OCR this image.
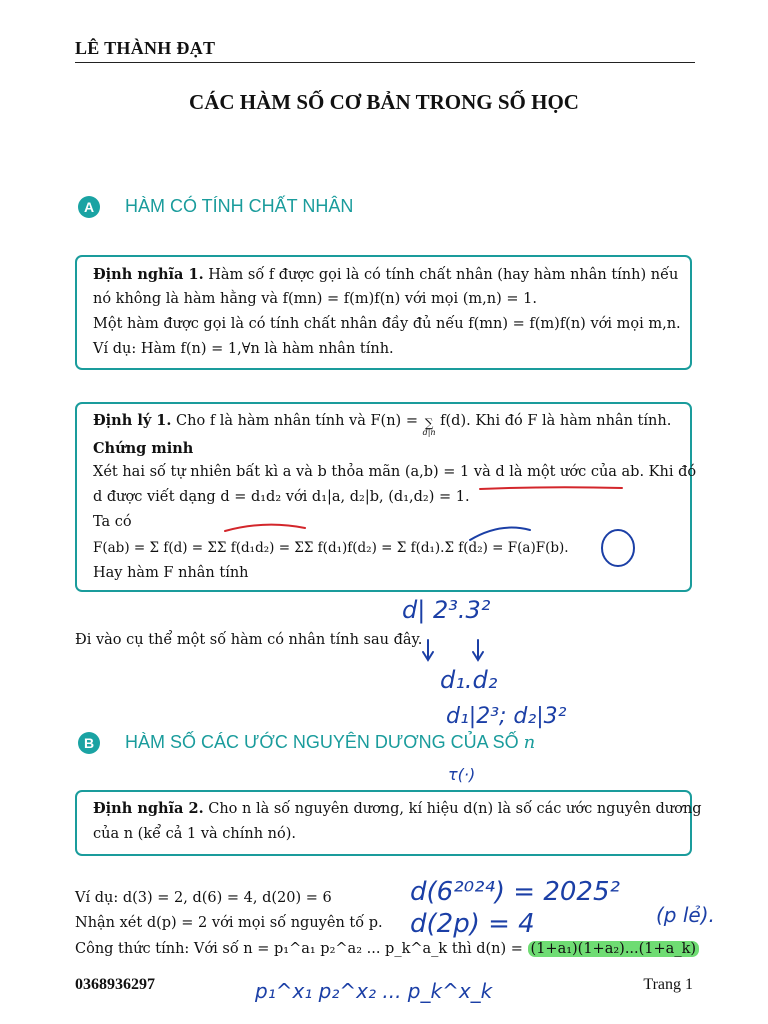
LÊ THÀNH ĐẠT
CÁC HÀM SỐ CƠ BẢN TRONG SỐ HỌC
A	HÀM CÓ TÍNH CHẤT NHÂN
Định nghĩa 1. Hàm số f được gọi là có tính chất nhân (hay hàm nhân tính) nếu
nó không là hàm hằng và f(mn) = f(m)f(n) với mọi (m,n) = 1.
Một hàm được gọi là có tính chất nhân đầy đủ nếu f(mn) = f(m)f(n) với mọi m,n.
Ví dụ: Hàm f(n) = 1,∀n là hàm nhân tính.
Định lý 1. Cho f là hàm nhân tính và F(n) = ∑
d|n
f(d). Khi đó F là hàm nhân tính.
Chứng minh
Xét hai số tự nhiên bất kì a và b thỏa mãn (a,b) = 1 và d là một ước của ab. Khi đó
d được viết dạng d = d₁d₂ với d₁|a, d₂|b, (d₁,d₂) = 1.
Ta có
F(ab) = Σ f(d) = ΣΣ f(d₁d₂) = ΣΣ f(d₁)f(d₂) = Σ f(d₁).Σ f(d₂) = F(a)F(b).
Hay hàm F nhân tính
Đi vào cụ thể một số hàm có nhân tính sau đây.
B	HÀM SỐ CÁC ƯỚC NGUYÊN DƯƠNG CỦA SỐ n
Định nghĩa 2. Cho n là số nguyên dương, kí hiệu d(n) là số các ước nguyên dương
của n (kể cả 1 và chính nó).
Ví dụ: d(3) = 2, d(6) = 4, d(20) = 6
Nhận xét d(p) = 2 với mọi số nguyên tố p.
Công thức tính: Với số n = p₁^a₁ p₂^a₂ ... p_k^a_k thì d(n) = (1+a₁)(1+a₂)...(1+a_k)
0368936297	Trang 1
d| 2³.3²
d₁.d₂
d₁|2³; d₂|3²
τ(·)
d(6²⁰²⁴) = 2025²
d(2p) = 4	(p lẻ).
p₁^x₁ p₂^x₂ ... p_k^x_k
